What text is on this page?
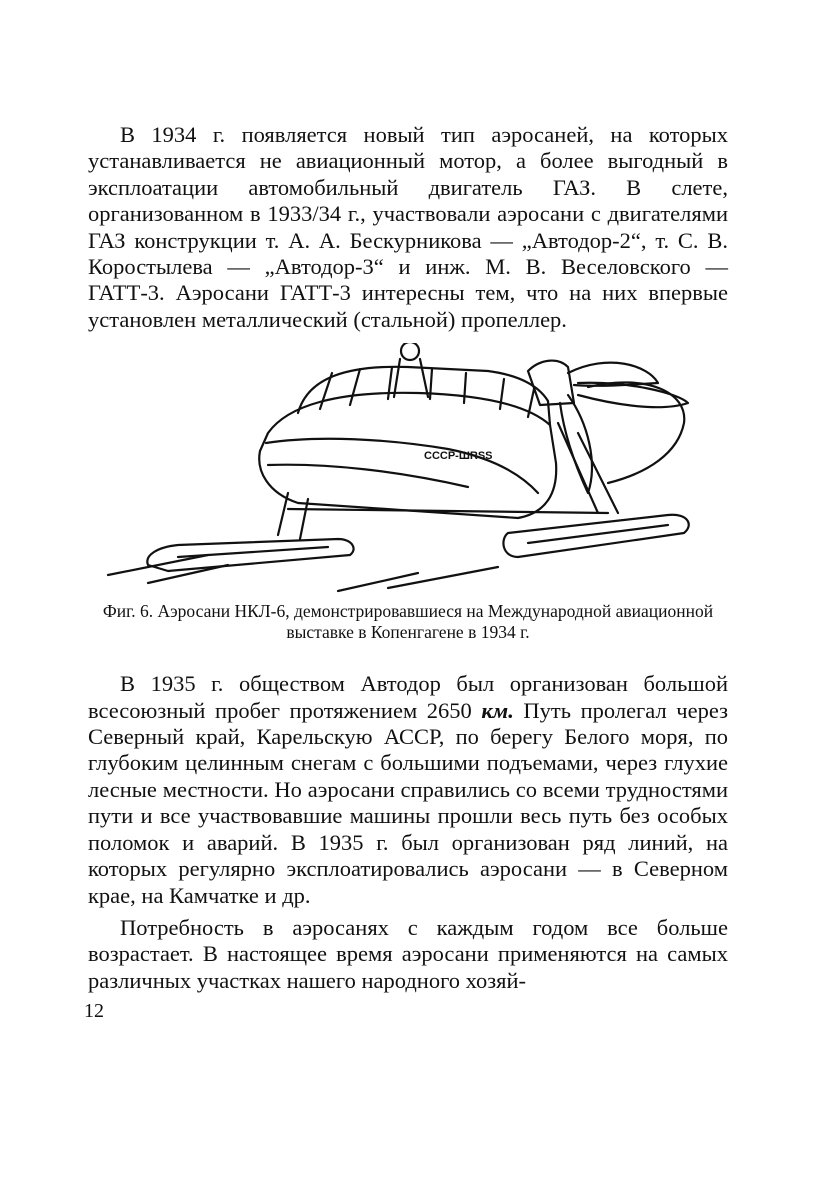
В 1934 г. появляется новый тип аэросаней, на которых устанавливается не авиационный мотор, а более выгодный в эксплоатации автомобильный двигатель ГАЗ. В слете, организованном в 1933/34 г., участвовали аэросани с двигателями ГАЗ конструкции т. А. А. Бескурникова — „Автодор-2“, т. С. В. Коростылева — „Автодор-3“ и инж. М. В. Веселовского — ГАТТ-3. Аэросани ГАТТ-3 интересны тем, что на них впервые установлен металлический (стальной) пропеллер.

СССР-ШRSS

Фиг. 6. Аэросани НКЛ-6, демонстрировавшиеся на Международной авиационной выставке в Копенгагене в 1934 г.

В 1935 г. обществом Автодор был организован большой всесоюзный пробег протяжением 2650 км. Путь пролегал через Северный край, Карельскую АССР, по берегу Белого моря, по глубоким целинным снегам с большими подъемами, через глухие лесные местности. Но аэросани справились со всеми трудностями пути и все участвовавшие машины прошли весь путь без особых поломок и аварий. В 1935 г. был организован ряд линий, на которых регулярно эксплоатировались аэросани — в Северном крае, на Камчатке и др.

Потребность в аэросанях с каждым годом все больше возрастает. В настоящее время аэросани применяются на самых различных участках нашего народного хозяй-

12
